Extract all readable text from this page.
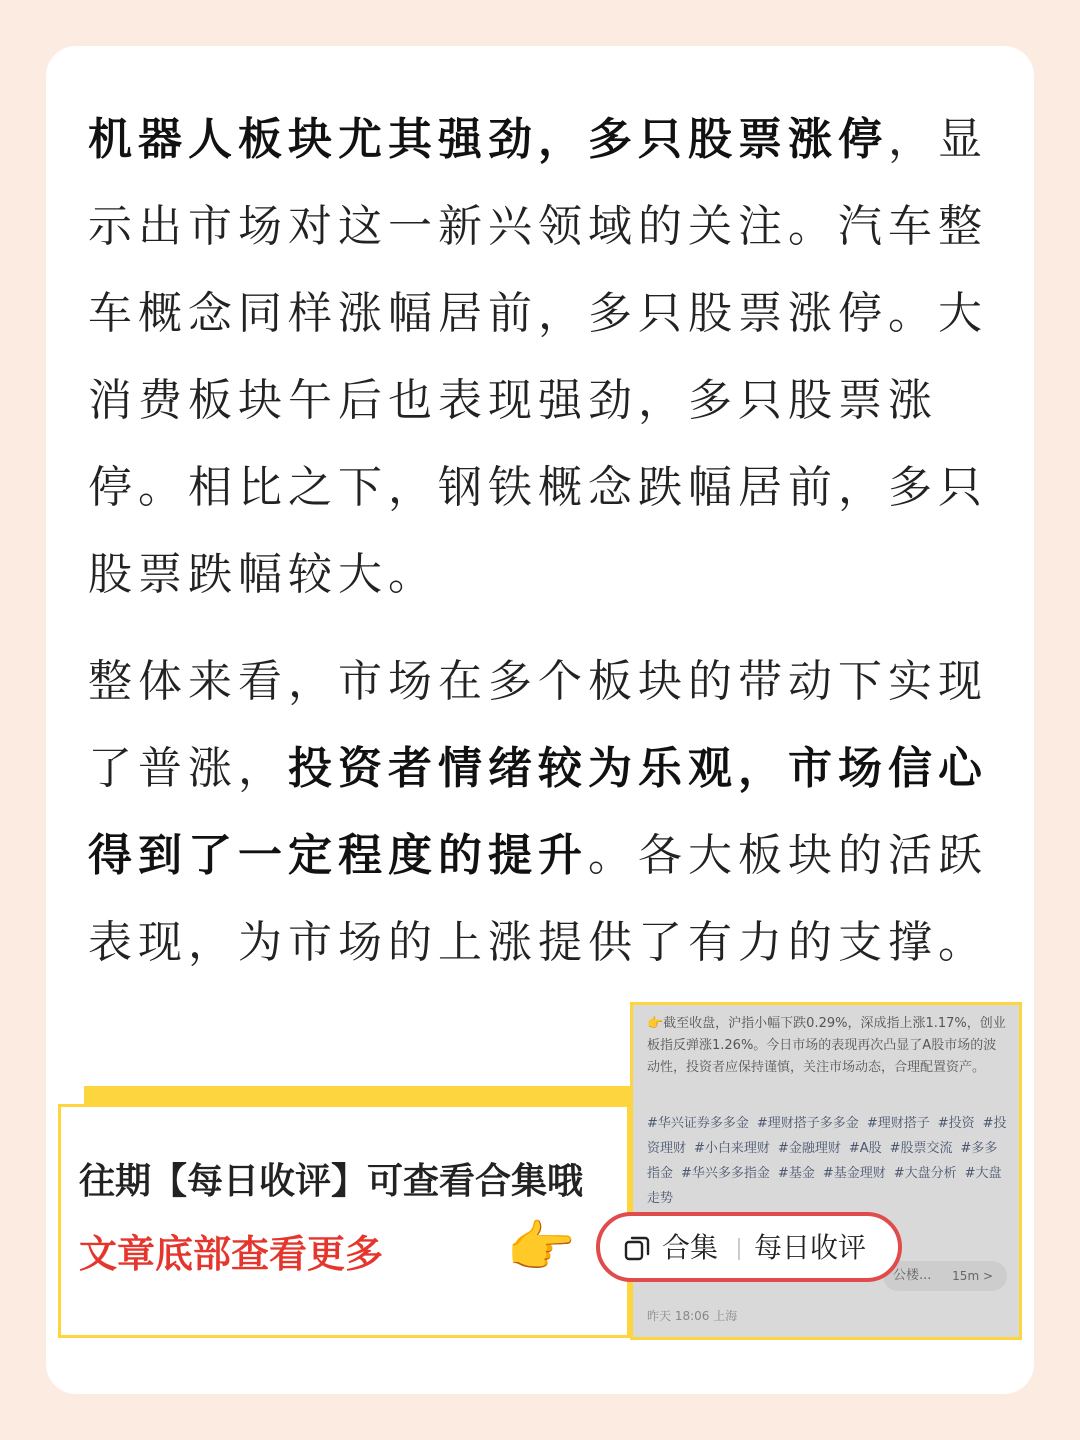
机器人板块尤其强劲，多只股票涨停，显示出市场对这一新兴领域的关注。汽车整车概念同样涨幅居前，多只股票涨停。大消费板块午后也表现强劲，多只股票涨停。相比之下，钢铁概念跌幅居前，多只股票跌幅较大。

整体来看，市场在多个板块的带动下实现了普涨，投资者情绪较为乐观，市场信心得到了一定程度的提升。各大板块的活跃表现，为市场的上涨提供了有力的支撑。

往期【每日收评】可查看合集哦
文章底部查看更多 👉
👉截至收盘，沪指小幅下跌0.29%，深成指上涨1.17%，创业板指反弹涨1.26%。今日市场的表现再次凸显了A股市场的波动性，投资者应保持谨慎，关注市场动态，合理配置资产。
#华兴证券多多金 #理财搭子多多金 #理财搭子 #投资 #投资理财 #小白来理财 #金融理财 #A股 #股票交流 #多多指金 #华兴多多指金 #基金 #基金理财 #大盘分析 #大盘走势
公楼... 15m >
昨天 18:06 上海
合集 每日收评
